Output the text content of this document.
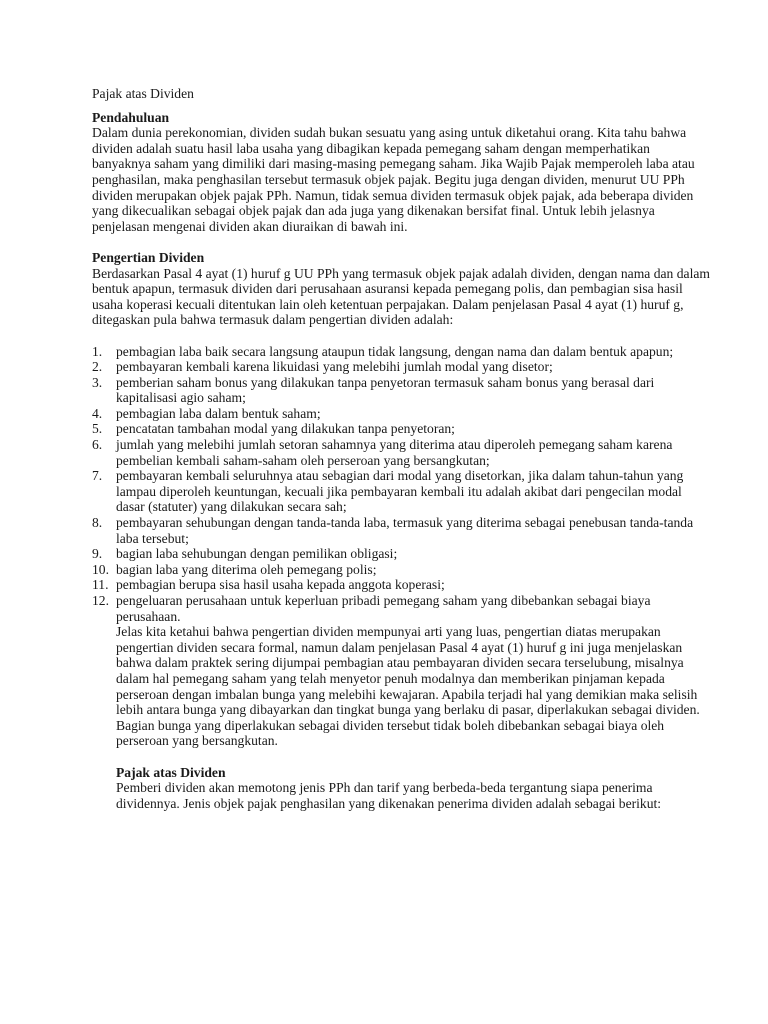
Pajak atas Dividen

Pendahuluan

Dalam dunia perekonomian, dividen sudah bukan sesuatu yang asing untuk diketahui orang. Kita tahu bahwa dividen adalah suatu hasil laba usaha yang dibagikan kepada pemegang saham dengan memperhatikan banyaknya saham yang dimiliki dari masing-masing pemegang saham. Jika Wajib Pajak memperoleh laba atau penghasilan, maka penghasilan tersebut termasuk objek pajak. Begitu juga dengan dividen, menurut UU PPh dividen merupakan objek pajak PPh. Namun, tidak semua dividen termasuk objek pajak, ada beberapa dividen yang dikecualikan sebagai objek pajak dan ada juga yang dikenakan bersifat final. Untuk lebih jelasnya penjelasan mengenai dividen akan diuraikan di bawah ini.

Pengertian Dividen

Berdasarkan Pasal 4 ayat (1) huruf g UU PPh yang termasuk objek pajak adalah dividen, dengan nama dan dalam bentuk apapun, termasuk dividen dari perusahaan asuransi kepada pemegang polis, dan pembagian sisa hasil usaha koperasi kecuali ditentukan lain oleh ketentuan perpajakan. Dalam penjelasan Pasal 4 ayat (1) huruf g, ditegaskan pula bahwa termasuk dalam pengertian dividen adalah:

1.	pembagian laba baik secara langsung ataupun tidak langsung, dengan nama dan dalam bentuk apapun;
2.	pembayaran kembali karena likuidasi yang melebihi jumlah modal yang disetor;
3.	pemberian saham bonus yang dilakukan tanpa penyetoran termasuk saham bonus yang berasal dari kapitalisasi agio saham;
4.	pembagian laba dalam bentuk saham;
5.	pencatatan tambahan modal yang dilakukan tanpa penyetoran;
6.	jumlah yang melebihi jumlah setoran sahamnya yang diterima atau diperoleh pemegang saham karena pembelian kembali saham-saham oleh perseroan yang bersangkutan;
7.	pembayaran kembali seluruhnya atau sebagian dari modal yang disetorkan, jika dalam tahun-tahun yang lampau diperoleh keuntungan, kecuali jika pembayaran kembali itu adalah akibat dari pengecilan modal dasar (statuter) yang dilakukan secara sah;
8.	pembayaran sehubungan dengan tanda-tanda laba, termasuk yang diterima sebagai penebusan tanda-tanda laba tersebut;
9.	bagian laba sehubungan dengan pemilikan obligasi;
10. bagian laba yang diterima oleh pemegang polis;
11. pembagian berupa sisa hasil usaha kepada anggota koperasi;
12. pengeluaran perusahaan untuk keperluan pribadi pemegang saham yang dibebankan sebagai biaya perusahaan.

Jelas kita ketahui bahwa pengertian dividen mempunyai arti yang luas, pengertian diatas merupakan pengertian dividen secara formal, namun dalam penjelasan Pasal 4 ayat (1) huruf g ini juga menjelaskan bahwa dalam praktek sering dijumpai pembagian atau pembayaran dividen secara terselubung, misalnya dalam hal pemegang saham yang telah menyetor penuh modalnya dan memberikan pinjaman kepada perseroan dengan imbalan bunga yang melebihi kewajaran. Apabila terjadi hal yang demikian maka selisih lebih antara bunga yang dibayarkan dan tingkat bunga yang berlaku di pasar, diperlakukan sebagai dividen. Bagian bunga yang diperlakukan sebagai dividen tersebut tidak boleh dibebankan sebagai biaya oleh perseroan yang bersangkutan.

Pajak atas Dividen

Pemberi dividen akan memotong jenis PPh dan tarif yang berbeda-beda tergantung siapa penerima dividennya. Jenis objek pajak penghasilan yang dikenakan penerima dividen adalah sebagai berikut:
